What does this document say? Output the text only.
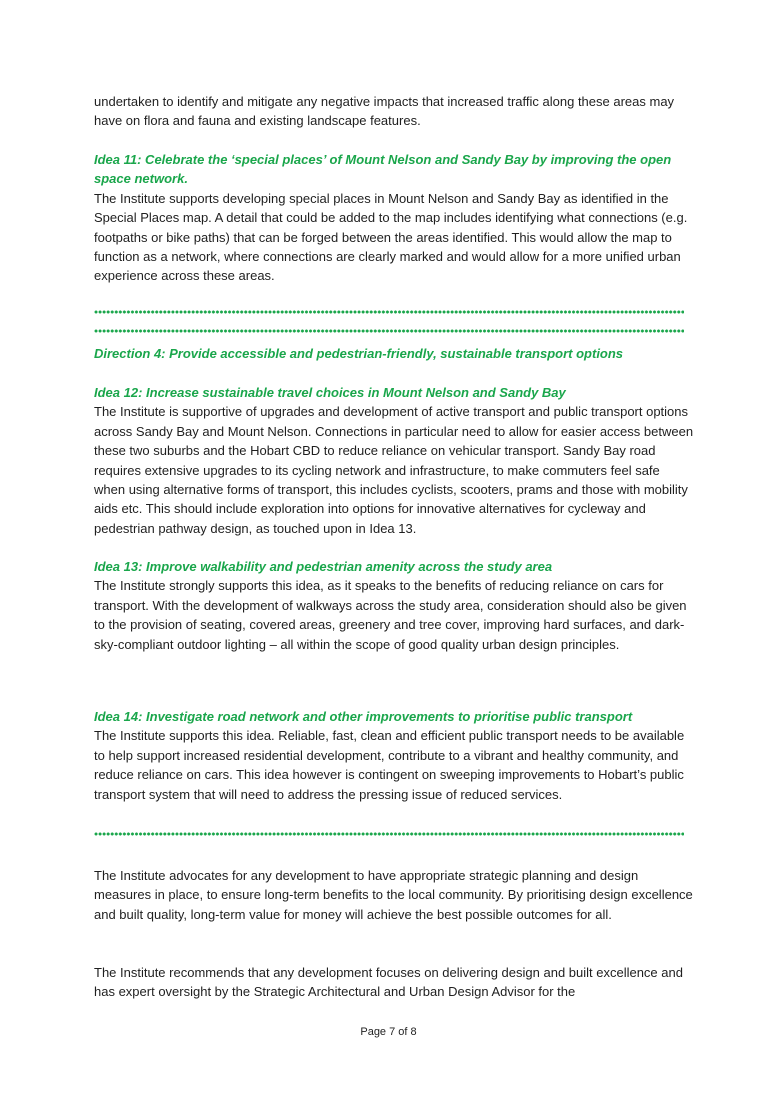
undertaken to identify and mitigate any negative impacts that increased traffic along these areas may have on flora and fauna and existing landscape features.

Idea 11: Celebrate the ‘special places’ of Mount Nelson and Sandy Bay by improving the open space network.
The Institute supports developing special places in Mount Nelson and Sandy Bay as identified in the Special Places map. A detail that could be added to the map includes identifying what connections (e.g. footpaths or bike paths) that can be forged between the areas identified. This would allow the map to function as a network, where connections are clearly marked and would allow for a more unified urban experience across these areas.
Direction 4: Provide accessible and pedestrian-friendly, sustainable transport options
Idea 12: Increase sustainable travel choices in Mount Nelson and Sandy Bay
The Institute is supportive of upgrades and development of active transport and public transport options across Sandy Bay and Mount Nelson. Connections in particular need to allow for easier access between these two suburbs and the Hobart CBD to reduce reliance on vehicular transport. Sandy Bay road requires extensive upgrades to its cycling network and infrastructure, to make commuters feel safe when using alternative forms of transport, this includes cyclists, scooters, prams and those with mobility aids etc. This should include exploration into options for innovative alternatives for cycleway and pedestrian pathway design, as touched upon in Idea 13.
Idea 13: Improve walkability and pedestrian amenity across the study area
The Institute strongly supports this idea, as it speaks to the benefits of reducing reliance on cars for transport. With the development of walkways across the study area, consideration should also be given to the provision of seating, covered areas, greenery and tree cover, improving hard surfaces, and dark-sky-compliant outdoor lighting – all within the scope of good quality urban design principles.
Idea 14: Investigate road network and other improvements to prioritise public transport
The Institute supports this idea. Reliable, fast, clean and efficient public transport needs to be available to help support increased residential development, contribute to a vibrant and healthy community, and reduce reliance on cars. This idea however is contingent on sweeping improvements to Hobart’s public transport system that will need to address the pressing issue of reduced services.

The Institute advocates for any development to have appropriate strategic planning and design measures in place, to ensure long-term benefits to the local community. By prioritising design excellence and built quality, long-term value for money will achieve the best possible outcomes for all.

The Institute recommends that any development focuses on delivering design and built excellence and has expert oversight by the Strategic Architectural and Urban Design Advisor for the

Page 7 of 8
